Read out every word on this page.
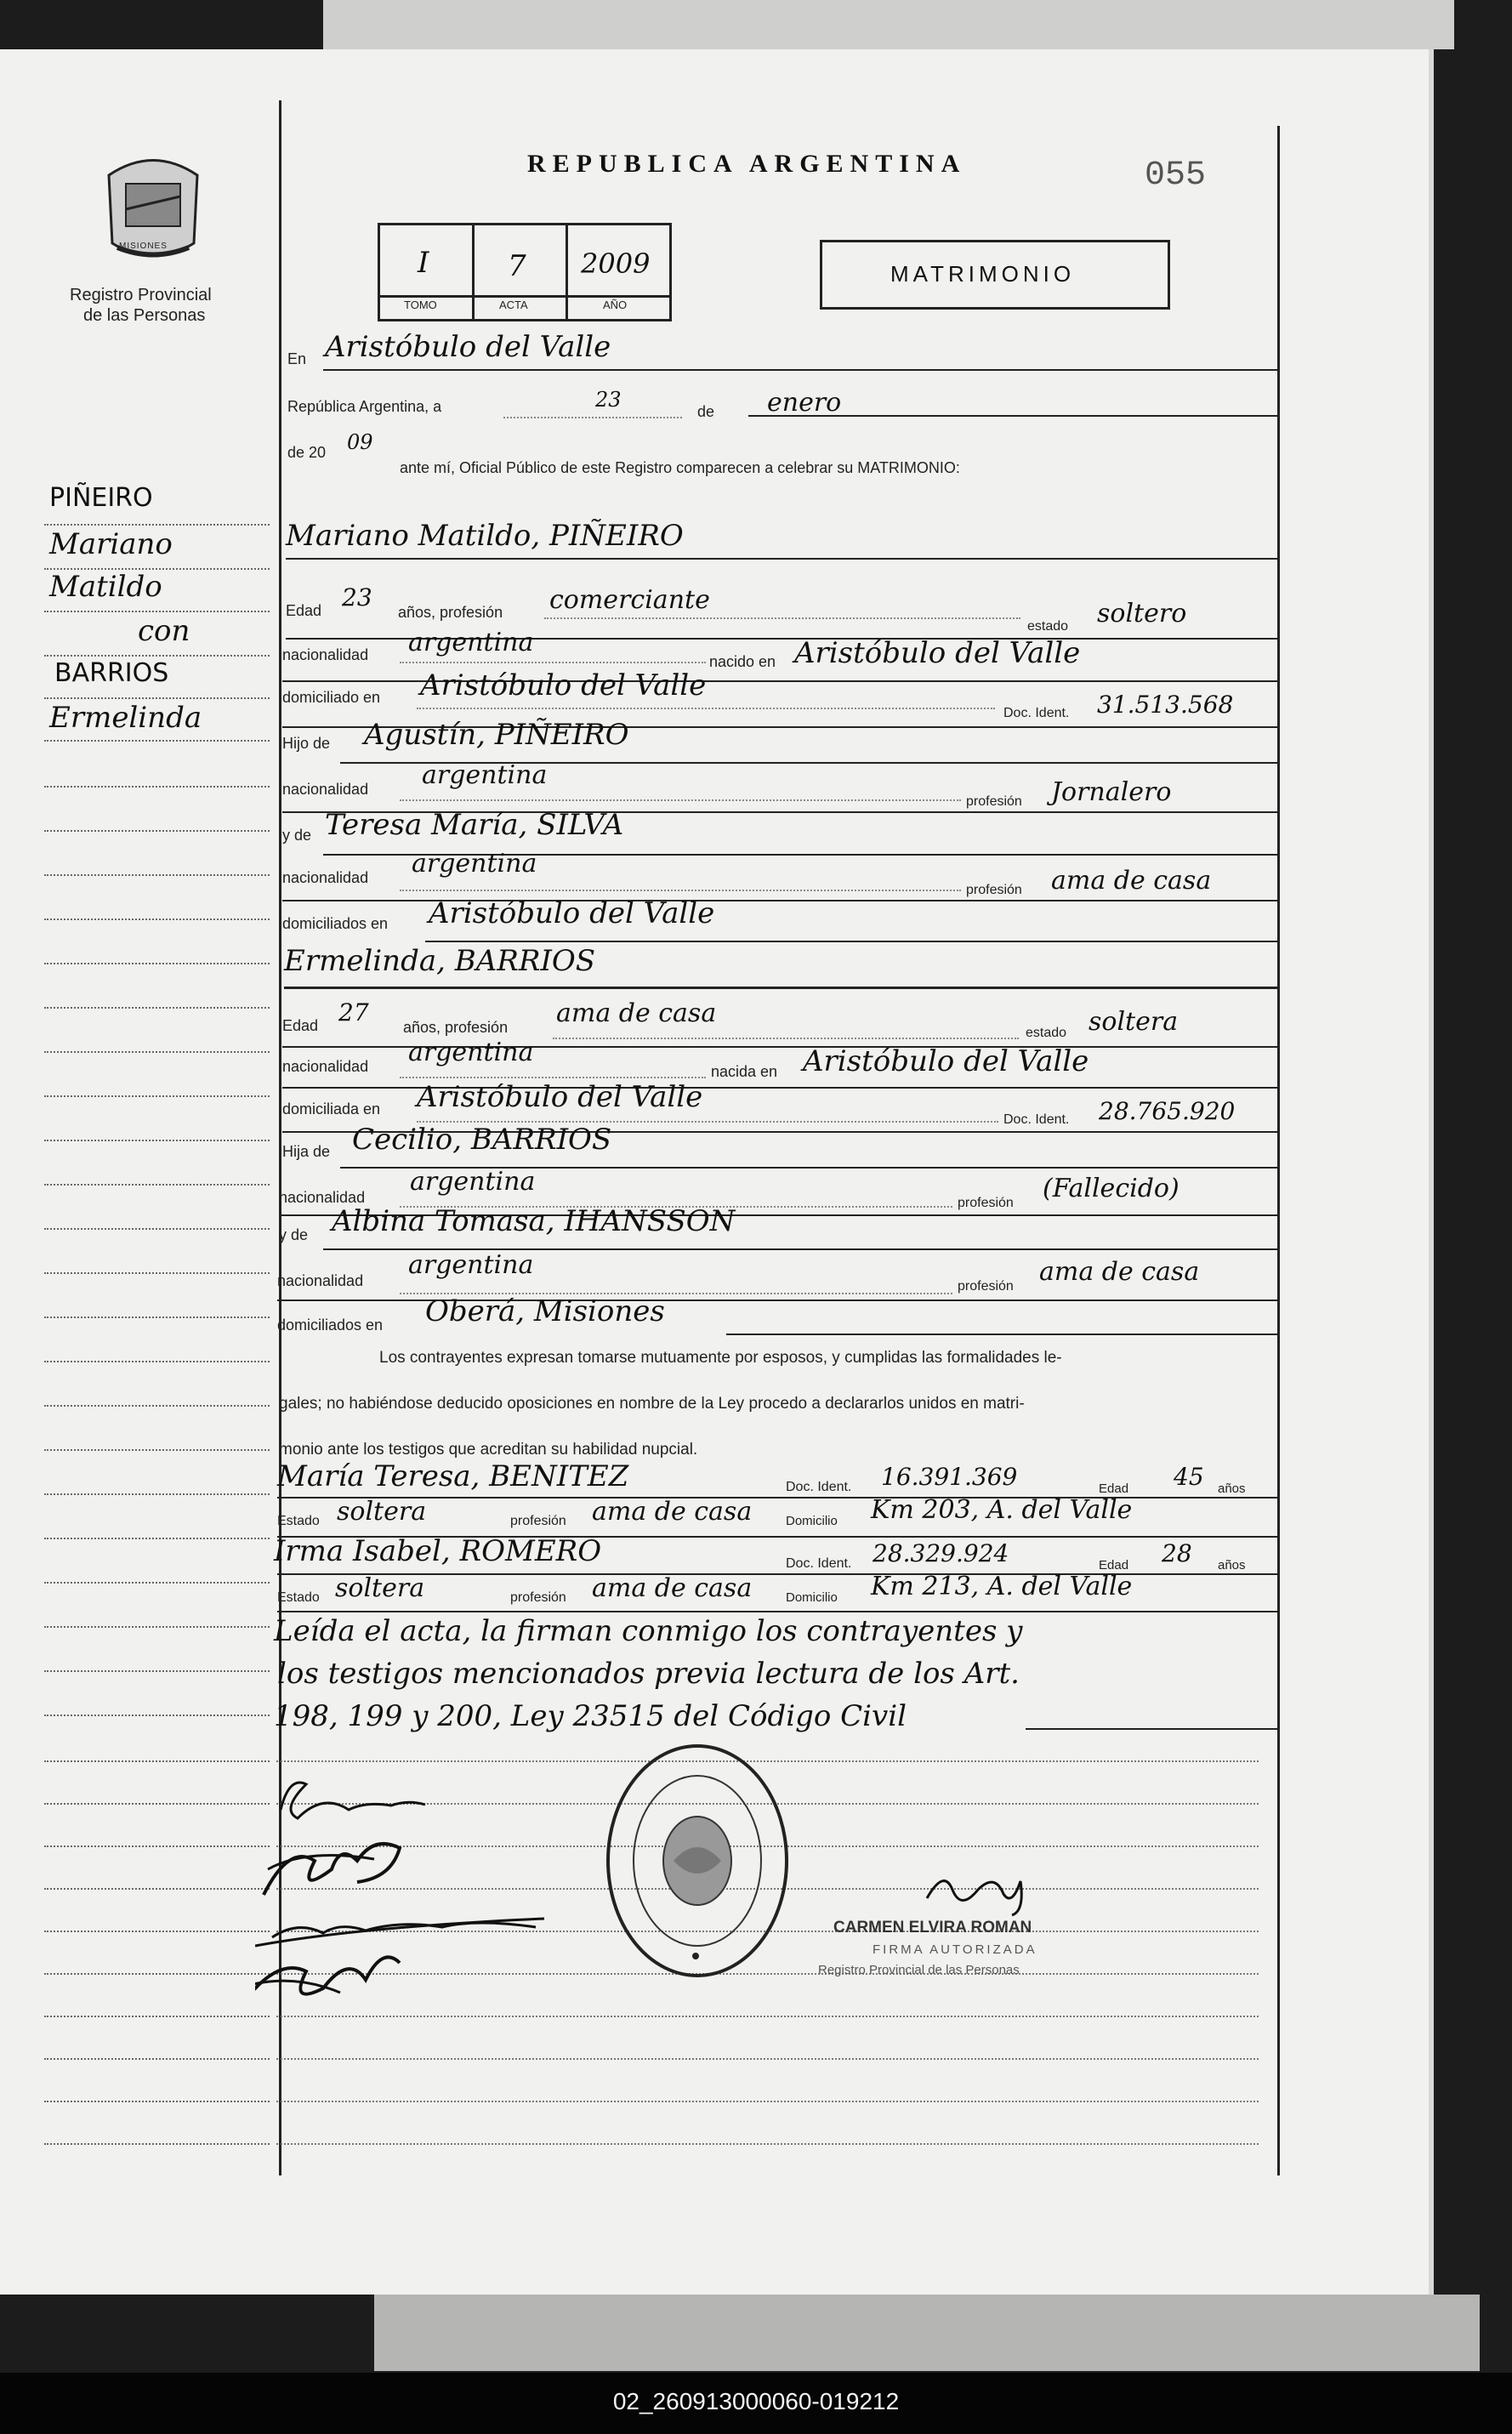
MISIONES
Registro Provincial
de las Personas
REPUBLICA ARGENTINA	055
I	7 2009
TOMO	ACTA	AÑO
MATRIMONIO
PIÑEIRO
Mariano
Matildo
con
BARRIOS
Ermelinda
En Aristóbulo del Valle
República Argentina, a	23	de enero
de 20 09
ante mí, Oficial Público de este Registro comparecen a celebrar su MATRIMONIO:
Mariano Matildo, PIÑEIRO
Edad 23
años, profesión comerciante
estado soltero
nacionalidad argentina
nacido en Aristóbulo del Valle
domiciliado en Aristóbulo del Valle
Doc. Ident. 31.513.568
Hijo de Agustín, PIÑEIRO
nacionalidad argentina
profesión Jornalero
y de Teresa María, SILVA
nacionalidad argentina
profesión ama de casa
domiciliados en Aristóbulo del Valle
Ermelinda, BARRIOS
Edad 27
años, profesión ama de casa
estado soltera
nacionalidad argentina
nacida en Aristóbulo del Valle
domiciliada en Aristóbulo del Valle
Doc. Ident. 28.765.920
Hija de Cecilio, BARRIOS
nacionalidad
argentina
profesión (Fallecido)
y de Albina Tomasa, IHANSSON
nacionalidad
argentina
profesión ama de casa
domiciliados en Oberá, Misiones
Los contrayentes expresan tomarse mutuamente por esposos, y cumplidas las formalidades le-
gales; no habiéndose deducido oposiciones en nombre de la Ley procedo a declararlos unidos en matri-
monio ante los testigos que acreditan su habilidad nupcial.
María Teresa, BENITEZ	Doc. Ident. 16.391.369	Edad 45 años
Estado soltera	profesión ama de casa	Domicilio Km 203, A. del Valle
Irma Isabel, ROMERO	Doc. Ident. 28.329.924	Edad 28 años
Estado soltera	profesión ama de casa	Domicilio Km 213, A. del Valle
Leída el acta, la firman conmigo los contrayentes y
los testigos mencionados previa lectura de los Art.
198, 199 y 200, Ley 23515 del Código Civil
CARMEN ELVIRA ROMAN
FIRMA AUTORIZADA
Registro Provincial de las Personas
02_260913000060-019212
